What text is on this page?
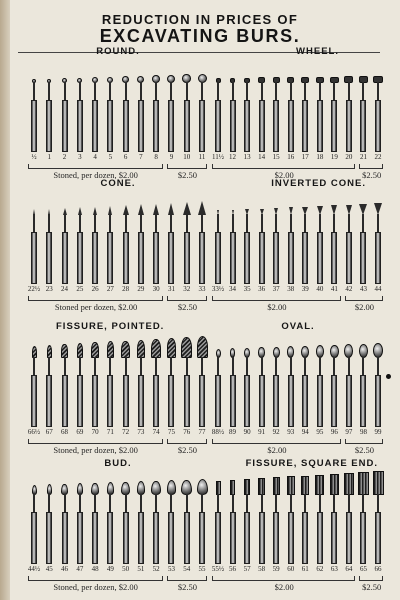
REDUCTION IN PRICES OF
EXCAVATING BURS.
ROUND.
½	1	2	3	4	5	6	7	8	9	10	11
Stoned, per dozen, $2.00	$2.50
WHEEL.
11½ 12	13	14	15	16	17	18	19	20	21	22
$2.00	$2.50
CONE.
22½ 23	24	25	26	27	28	29	30	31	32	33
Stoned per dozen, $2.00	$2.50
INVERTED CONE.
33½ 34	35	36	37	38	39	40	41	42	43	44
$2.00	$2.00
FISSURE, POINTED.
66½ 67	68	69	70	71	72	73	74	75	76	77
Stoned, per dozen, $2.00	$2.50
OVAL.
88½ 89	90	91	92	93	94	95	96	97	98	99
$2.00	$2.50
BUD.
44½ 45	46	47	48	49	50	51	52	53	54	55
Stoned, per dozen, $2.00	$2.50
FISSURE, SQUARE END.
55½ 56	57	58	59	60	61	62	63	64	65	66
$2.00	$2.50
